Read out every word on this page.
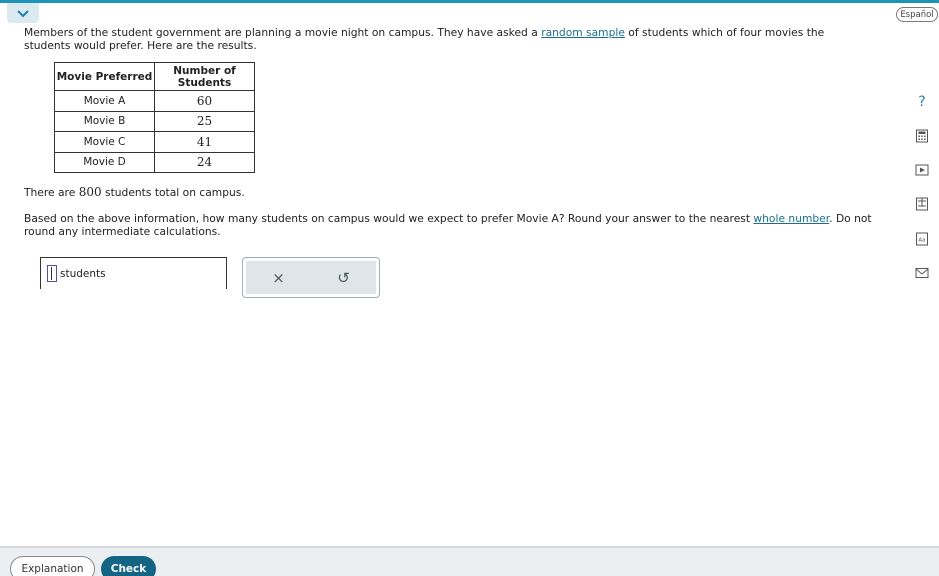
Español

Members of the student government are planning a movie night on campus. They have asked a random sample of students which of four movies the students would prefer. Here are the results.

Movie Preferred	Number of Students
Movie A	60
Movie B	25
Movie C	41
Movie D	24

There are 800 students total on campus.

Based on the above information, how many students on campus would we expect to prefer Movie A? Round your answer to the nearest whole number. Do not round any intermediate calculations.

students	×	↺
?
Aa
Explanation	Check
